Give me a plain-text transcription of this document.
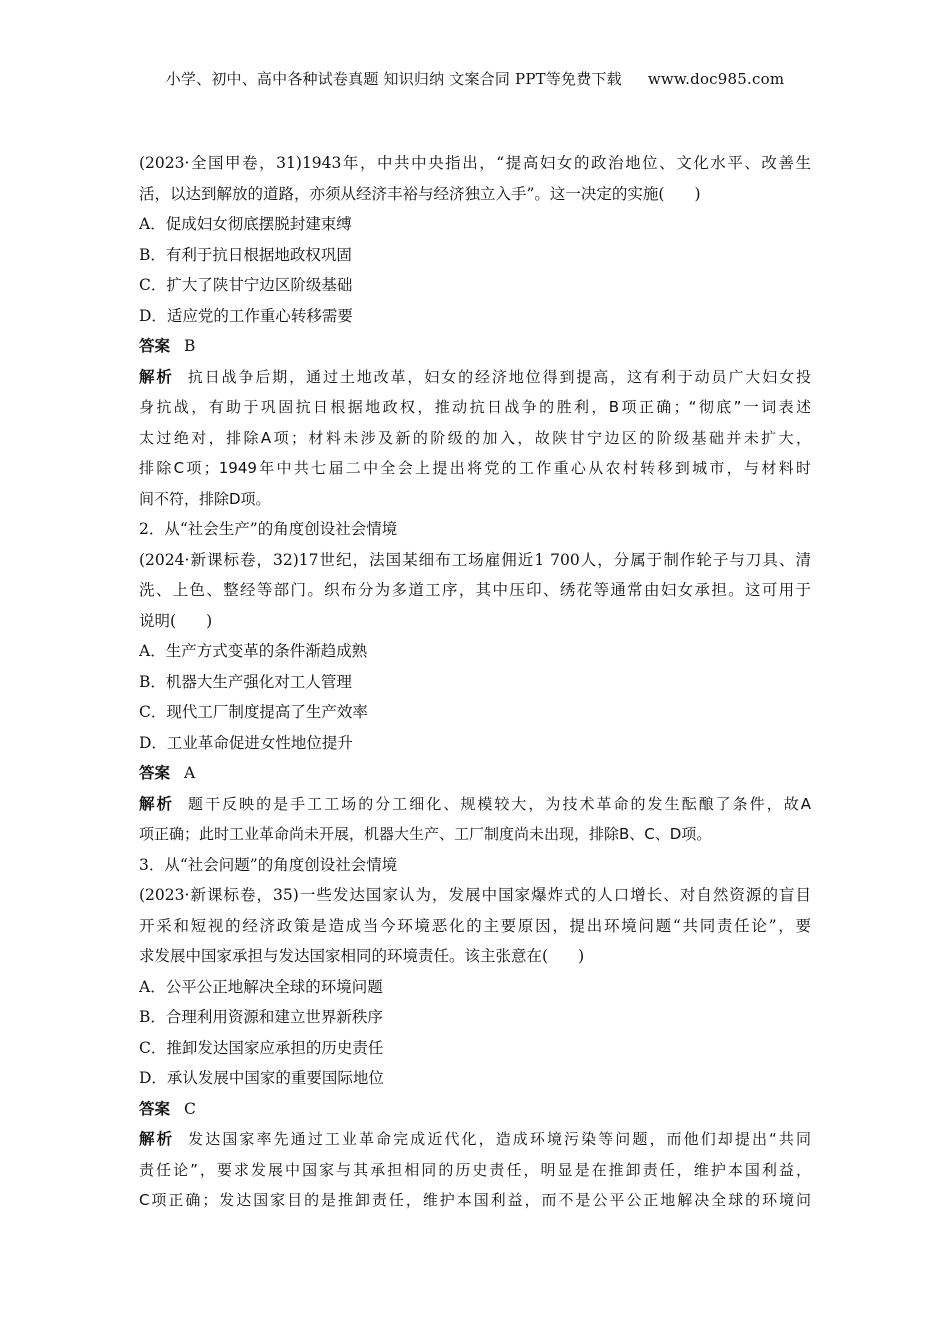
小学、初中、高中各种试卷真题 知识归纳 文案合同 PPT等免费下载 www.doc985.com
(2023·全国甲卷，31)1943年，中共中央指出，“提高妇女的政治地位、文化水平、改善生
活，以达到解放的道路，亦须从经济丰裕与经济独立入手”。这一决定的实施( )
A．促成妇女彻底摆脱封建束缚
B．有利于抗日根据地政权巩固
C．扩大了陕甘宁边区阶级基础
D．适应党的工作重心转移需要
答案 B
解析 抗日战争后期，通过土地改革，妇女的经济地位得到提高，这有利于动员广大妇女投
身抗战，有助于巩固抗日根据地政权，推动抗日战争的胜利，B项正确；“彻底”一词表述
太过绝对，排除A项；材料未涉及新的阶级的加入，故陕甘宁边区的阶级基础并未扩大，
排除C项；1949年中共七届二中全会上提出将党的工作重心从农村转移到城市，与材料时
间不符，排除D项。
2．从“社会生产”的角度创设社会情境
(2024·新课标卷，32)17世纪，法国某细布工场雇佣近1 700人，分属于制作轮子与刀具、清
洗、上色、整经等部门。织布分为多道工序，其中压印、绣花等通常由妇女承担。这可用于
说明( )
A．生产方式变革的条件渐趋成熟
B．机器大生产强化对工人管理
C．现代工厂制度提高了生产效率
D．工业革命促进女性地位提升
答案 A
解析 题干反映的是手工工场的分工细化、规模较大，为技术革命的发生酝酿了条件，故A
项正确；此时工业革命尚未开展，机器大生产、工厂制度尚未出现，排除B、C、D项。
3．从“社会问题”的角度创设社会情境
(2023·新课标卷，35)一些发达国家认为，发展中国家爆炸式的人口增长、对自然资源的盲目
开采和短视的经济政策是造成当今环境恶化的主要原因，提出环境问题“共同责任论”，要
求发展中国家承担与发达国家相同的环境责任。该主张意在( )
A．公平公正地解决全球的环境问题
B．合理利用资源和建立世界新秩序
C．推卸发达国家应承担的历史责任
D．承认发展中国家的重要国际地位
答案 C
解析 发达国家率先通过工业革命完成近代化，造成环境污染等问题，而他们却提出“共同
责任论”，要求发展中国家与其承担相同的历史责任，明显是在推卸责任，维护本国利益，
C项正确；发达国家目的是推卸责任，维护本国利益，而不是公平公正地解决全球的环境问
